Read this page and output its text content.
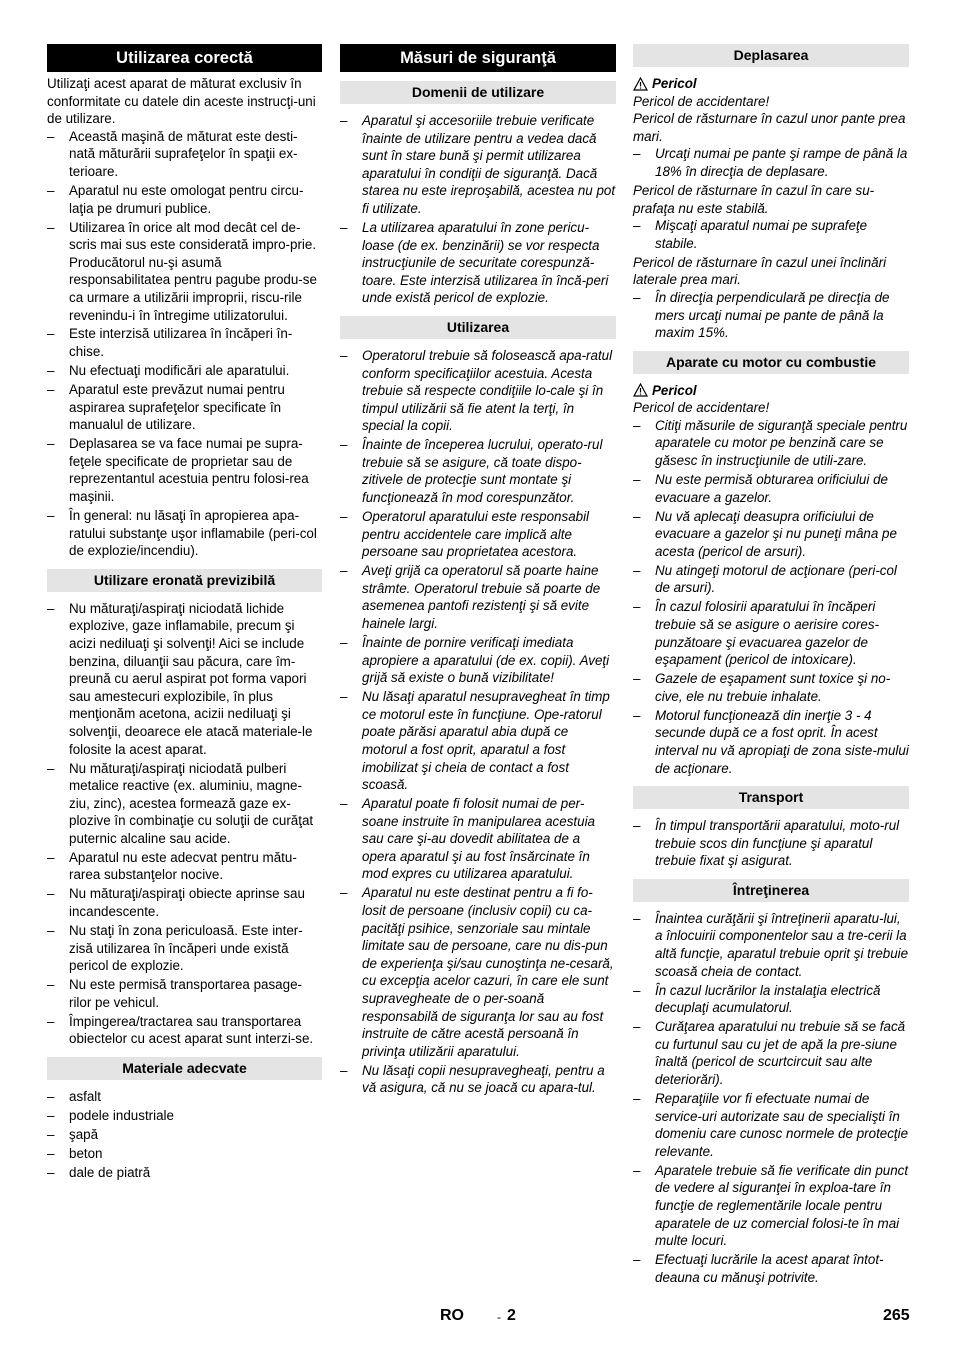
Utilizarea corectă

Utilizaţi acest aparat de măturat exclusiv în conformitate cu datele din aceste instrucţi-uni de utilizare.

– Această maşină de măturat este desti-nată măturării suprafeţelor în spaţii ex-terioare.
– Aparatul nu este omologat pentru circu-laţia pe drumuri publice.
– Utilizarea în orice alt mod decât cel de-scris mai sus este considerată impro-prie. Producătorul nu-şi asumă responsabilitatea pentru pagube produ-se ca urmare a utilizării improprii, riscu-rile revenindu-i în întregime utilizatorului.
– Este interzisă utilizarea în încăperi în-chise.
– Nu efectuaţi modificări ale aparatului.
– Aparatul este prevăzut numai pentru aspirarea suprafeţelor specificate în manualul de utilizare.
– Deplasarea se va face numai pe supra-feţele specificate de proprietar sau de reprezentantul acestuia pentru folosi-rea maşinii.
– În general: nu lăsaţi în apropierea apa-ratului substanţe uşor inflamabile (peri-col de explozie/incendiu).
Utilizare eronată previzibilă
– Nu măturaţi/aspiraţi niciodată lichide explozive, gaze inflamabile, precum şi acizi nediluaţi şi solvenţi! Aici se include benzina, diluanţii sau păcura, care îm-preună cu aerul aspirat pot forma vapori sau amestecuri explozibile, în plus menţionăm acetona, acizii nediluaţi şi solvenţii, deoarece ele atacă materiale-le folosite la acest aparat.
– Nu măturaţi/aspiraţi niciodată pulberi metalice reactive (ex. aluminiu, magne-ziu, zinc), acestea formează gaze ex-plozive în combinaţie cu soluţii de curăţat puternic alcaline sau acide.
– Aparatul nu este adecvat pentru mătu-rarea substanţelor nocive.
– Nu măturaţi/aspiraţi obiecte aprinse sau incandescente.
– Nu staţi în zona periculoasă. Este inter-zisă utilizarea în încăperi unde există pericol de explozie.
– Nu este permisă transportarea pasage-rilor pe vehicul.
– Împingerea/tractarea sau transportarea obiectelor cu acest aparat sunt interzi-se.
Materiale adecvate
– asfalt
– podele industriale
– şapă
– beton
– dale de piatră
Măsuri de siguranţă
Domenii de utilizare
– Aparatul şi accesoriile trebuie verificate înainte de utilizare pentru a vedea dacă sunt în stare bună şi permit utilizarea aparatului în condiţii de siguranţă. Dacă starea nu este ireproşabilă, acestea nu pot fi utilizate.
– La utilizarea aparatului în zone pericu-loase (de ex. benzinării) se vor respecta instrucţiunile de securitate corespunză-toare. Este interzisă utilizarea în încă-peri unde există pericol de explozie.
Utilizarea
– Operatorul trebuie să folosească apa-ratul conform specificaţiilor acestuia. Acesta trebuie să respecte condiţiile lo-cale şi în timpul utilizării să fie atent la terţi, în special la copii.
– Înainte de începerea lucrului, operato-rul trebuie să se asigure, că toate dispo-zitivele de protecţie sunt montate şi funcţionează în mod corespunzător.
– Operatorul aparatului este responsabil pentru accidentele care implică alte persoane sau proprietatea acestora.
– Aveţi grijă ca operatorul să poarte haine strâmte. Operatorul trebuie să poarte de asemenea pantofi rezistenţi şi să evite hainele largi.
– Înainte de pornire verificaţi imediata apropiere a aparatului (de ex. copii). Aveţi grijă să existe o bună vizibilitate!
– Nu lăsaţi aparatul nesupravegheat în timp ce motorul este în funcţiune. Ope-ratorul poate părăsi aparatul abia după ce motorul a fost oprit, aparatul a fost imobilizat şi cheia de contact a fost scoasă.
– Aparatul poate fi folosit numai de per-soane instruite în manipularea acestuia sau care şi-au dovedit abilitatea de a opera aparatul şi au fost însărcinate în mod expres cu utilizarea aparatului.
– Aparatul nu este destinat pentru a fi fo-losit de persoane (inclusiv copii) cu ca-pacităţi psihice, senzoriale sau mintale limitate sau de persoane, care nu dis-pun de experienţa şi/sau cunoştinţa ne-cesară, cu excepţia acelor cazuri, în care ele sunt supravegheate de o per-soană responsabilă de siguranţa lor sau au fost instruite de către acestă persoană în privinţa utilizării aparatului.
– Nu lăsaţi copii nesupravegheaţi, pentru a vă asigura, că nu se joacă cu apara-tul.
Deplasarea
Pericol

Pericol de accidentare!

Pericol de răsturnare în cazul unor pante prea mari.

– Urcaţi numai pe pante şi rampe de până la 18% în direcţia de deplasare.

Pericol de răsturnare în cazul în care su-prafaţa nu este stabilă.

– Mişcaţi aparatul numai pe suprafeţe stabile.

Pericol de răsturnare în cazul unei înclinări laterale prea mari.

– În direcţia perpendiculară pe direcţia de mers urcaţi numai pe pante de până la maxim 15%.
Aparate cu motor cu combustie
Pericol

Pericol de accidentare!

– Citiţi măsurile de siguranţă speciale pentru aparatele cu motor pe benzină care se găsesc în instrucţiunile de utili-zare.
– Nu este permisă obturarea orificiului de evacuare a gazelor.
– Nu vă aplecaţi deasupra orificiului de evacuare a gazelor şi nu puneţi mâna pe acesta (pericol de arsuri).
– Nu atingeţi motorul de acţionare (peri-col de arsuri).
– În cazul folosirii aparatului în încăperi trebuie să se asigure o aerisire cores-punzătoare şi evacuarea gazelor de eşapament (pericol de intoxicare).
– Gazele de eşapament sunt toxice şi no-cive, ele nu trebuie inhalate.
– Motorul funcţionează din inerţie 3 - 4 secunde după ce a fost oprit. În acest interval nu vă apropiaţi de zona siste-mului de acţionare.
Transport
– În timpul transportării aparatului, moto-rul trebuie scos din funcţiune şi aparatul trebuie fixat şi asigurat.
Întreţinerea
– Înaintea curăţării şi întreţinerii aparatu-lui, a înlocuirii componentelor sau a tre-cerii la altă funcţie, aparatul trebuie oprit şi trebuie scoasă cheia de contact.
– În cazul lucrărilor la instalaţia electrică decuplaţi acumulatorul.
– Curăţarea aparatului nu trebuie să se facă cu furtunul sau cu jet de apă la pre-siune înaltă (pericol de scurtcircuit sau alte deteriorări).
– Reparaţiile vor fi efectuate numai de service-uri autorizate sau de specialişti în domeniu care cunosc normele de protecţie relevante.
– Aparatele trebuie să fie verificate din punct de vedere al siguranţei în exploa-tare în funcţie de reglementările locale pentru aparatele de uz comercial folosi-te în mai multe locuri.
– Efectuaţi lucrările la acest aparat întot-deauna cu mănuşi potrivite.
RO	- 2	265
